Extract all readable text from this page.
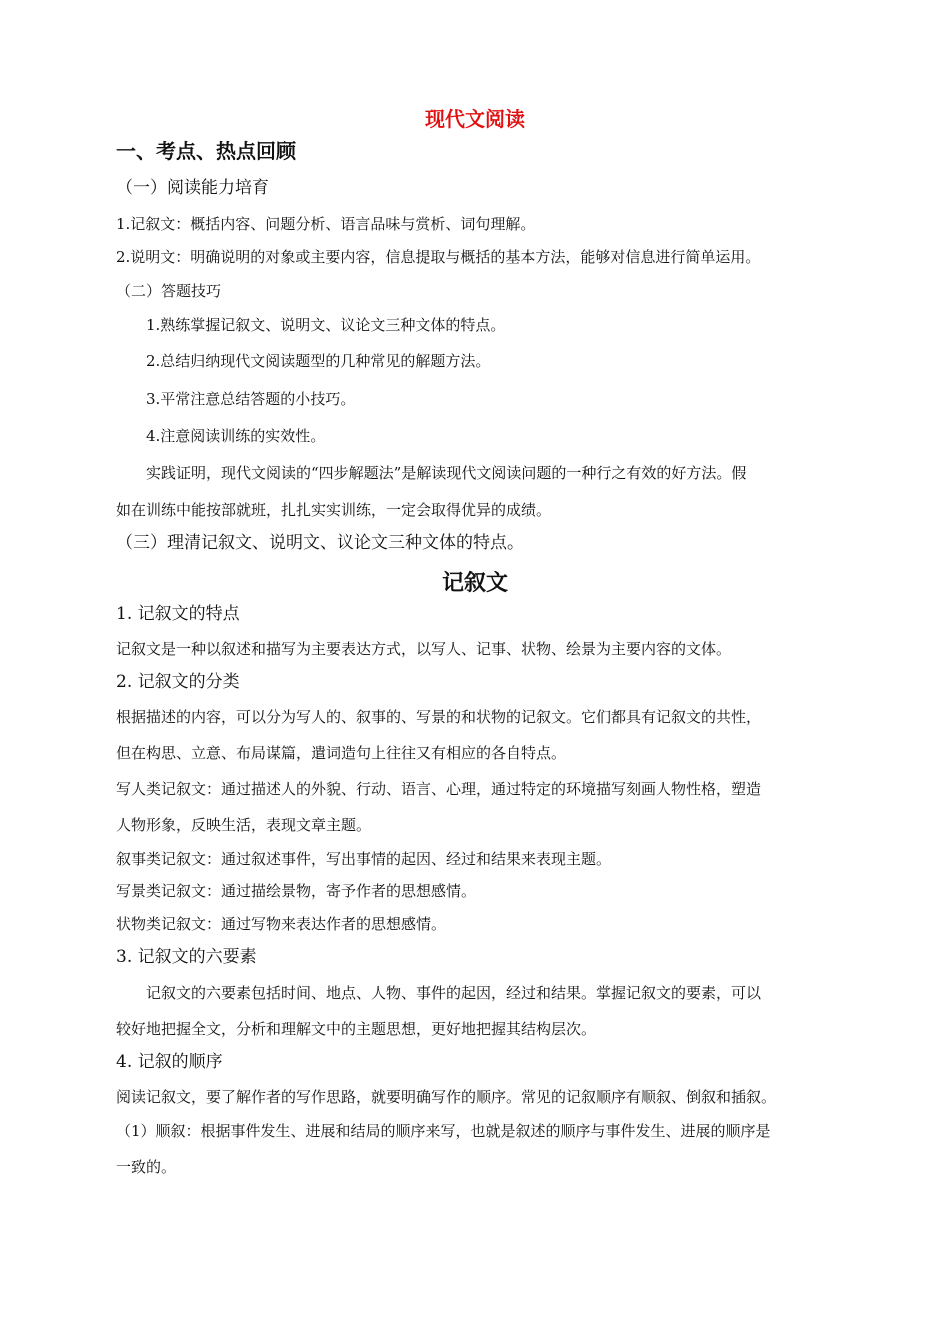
现代文阅读
一、考点、热点回顾
（一）阅读能力培育
1.记叙文：概括内容、问题分析、语言品味与赏析、词句理解。
2.说明文：明确说明的对象或主要内容，信息提取与概括的基本方法，能够对信息进行简单运用。
（二）答题技巧
1.熟练掌握记叙文、说明文、议论文三种文体的特点。
2.总结归纳现代文阅读题型的几种常见的解题方法。
3.平常注意总结答题的小技巧。
4.注意阅读训练的实效性。
实践证明，现代文阅读的“四步解题法”是解读现代文阅读问题的一种行之有效的好方法。假
如在训练中能按部就班，扎扎实实训练，一定会取得优异的成绩。
（三）理清记叙文、说明文、议论文三种文体的特点。
记叙文
1. 记叙文的特点
记叙文是一种以叙述和描写为主要表达方式，以写人、记事、状物、绘景为主要内容的文体。
2. 记叙文的分类
根据描述的内容，可以分为写人的、叙事的、写景的和状物的记叙文。它们都具有记叙文的共性，
但在构思、立意、布局谋篇，遣词造句上往往又有相应的各自特点。
写人类记叙文：通过描述人的外貌、行动、语言、心理，通过特定的环境描写刻画人物性格，塑造
人物形象，反映生活，表现文章主题。
叙事类记叙文：通过叙述事件，写出事情的起因、经过和结果来表现主题。
写景类记叙文：通过描绘景物，寄予作者的思想感情。
状物类记叙文：通过写物来表达作者的思想感情。
3. 记叙文的六要素
记叙文的六要素包括时间、地点、人物、事件的起因，经过和结果。掌握记叙文的要素，可以
较好地把握全文，分析和理解文中的主题思想，更好地把握其结构层次。
4. 记叙的顺序
阅读记叙文，要了解作者的写作思路，就要明确写作的顺序。常见的记叙顺序有顺叙、倒叙和插叙。
（1）顺叙：根据事件发生、进展和结局的顺序来写，也就是叙述的顺序与事件发生、进展的顺序是
一致的。
